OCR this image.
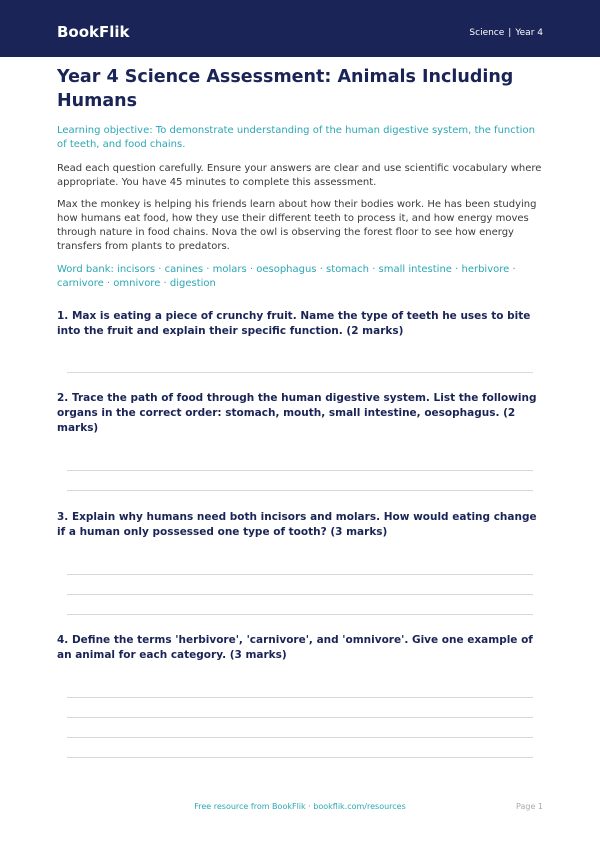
BookFlik	Science | Year 4
Year 4 Science Assessment: Animals Including Humans

Learning objective: To demonstrate understanding of the human digestive system, the function of teeth, and food chains.

Read each question carefully. Ensure your answers are clear and use scientific vocabulary where appropriate. You have 45 minutes to complete this assessment.

Max the monkey is helping his friends learn about how their bodies work. He has been studying how humans eat food, how they use their different teeth to process it, and how energy moves through nature in food chains. Nova the owl is observing the forest floor to see how energy transfers from plants to predators.

Word bank: incisors · canines · molars · oesophagus · stomach · small intestine · herbivore · carnivore · omnivore · digestion

1. Max is eating a piece of crunchy fruit. Name the type of teeth he uses to bite into the fruit and explain their specific function. (2 marks)

2. Trace the path of food through the human digestive system. List the following organs in the correct order: stomach, mouth, small intestine, oesophagus. (2 marks)

3. Explain why humans need both incisors and molars. How would eating change if a human only possessed one type of tooth? (3 marks)

4. Define the terms 'herbivore', 'carnivore', and 'omnivore'. Give one example of an animal for each category. (3 marks)

Free resource from BookFlik · bookflik.com/resources	Page 1
